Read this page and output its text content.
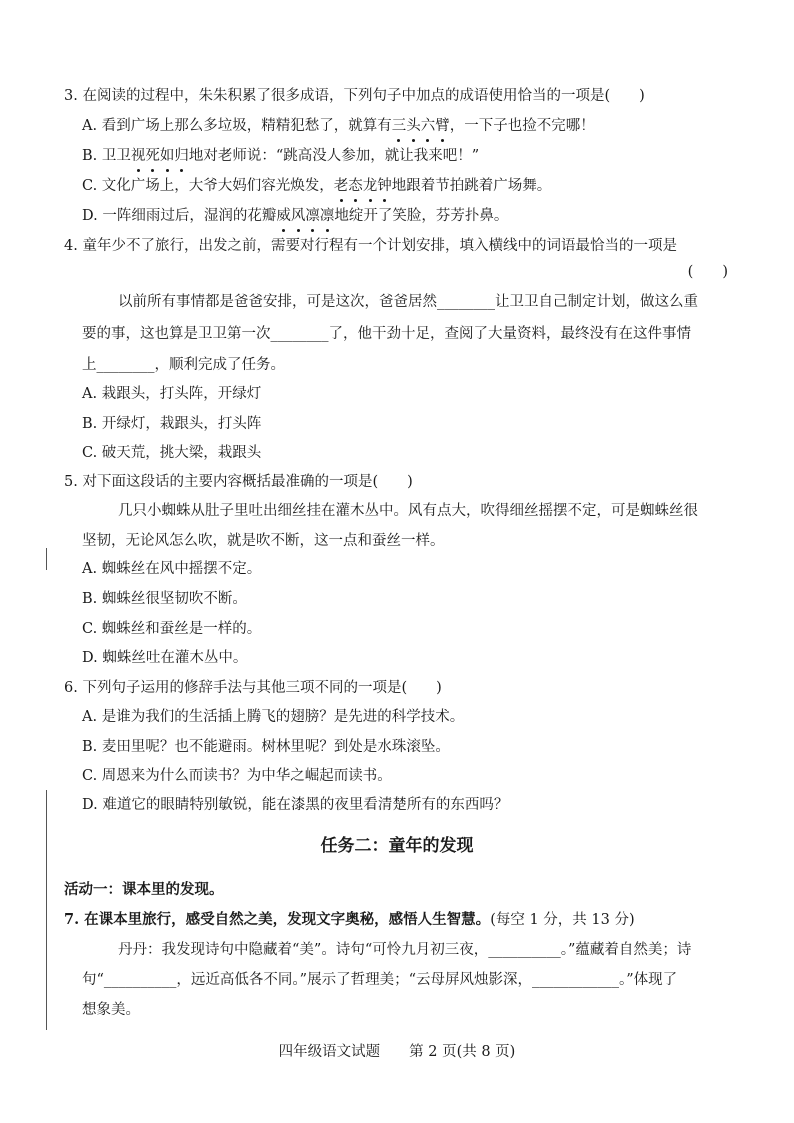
3. 在阅读的过程中，朱朱积累了很多成语，下列句子中加点的成语使用恰当的一项是(　　)
A. 看到广场上那么多垃圾，精精犯愁了，就算有三头六臂，一下子也捡不完哪！
B. 卫卫视死如归地对老师说：“跳高没人参加，就让我来吧！”
C. 文化广场上，大爷大妈们容光焕发，老态龙钟地跟着节拍跳着广场舞。
D. 一阵细雨过后，湿润的花瓣威风凛凛地绽开了笑脸，芬芳扑鼻。
4. 童年少不了旅行，出发之前，需要对行程有一个计划安排，填入横线中的词语最恰当的一项是
(　　)
以前所有事情都是爸爸安排，可是这次，爸爸居然________让卫卫自己制定计划，做这么重
要的事，这也算是卫卫第一次________了，他干劲十足，查阅了大量资料，最终没有在这件事情
上________，顺利完成了任务。
A. 栽跟头，打头阵，开绿灯
B. 开绿灯，栽跟头，打头阵
C. 破天荒，挑大梁，栽跟头
5. 对下面这段话的主要内容概括最准确的一项是(　　)
几只小蜘蛛从肚子里吐出细丝挂在灌木丛中。风有点大，吹得细丝摇摆不定，可是蜘蛛丝很
坚韧，无论风怎么吹，就是吹不断，这一点和蚕丝一样。
A. 蜘蛛丝在风中摇摆不定。
B. 蜘蛛丝很坚韧吹不断。
C. 蜘蛛丝和蚕丝是一样的。
D. 蜘蛛丝吐在灌木丛中。
6. 下列句子运用的修辞手法与其他三项不同的一项是(　　)
A. 是谁为我们的生活插上腾飞的翅膀？是先进的科学技术。
B. 麦田里呢？也不能避雨。树林里呢？到处是水珠滚坠。
C. 周恩来为什么而读书？为中华之崛起而读书。
D. 难道它的眼睛特别敏锐，能在漆黑的夜里看清楚所有的东西吗？
任务二：童年的发现
活动一：课本里的发现。
7. 在课本里旅行，感受自然之美，发现文字奥秘，感悟人生智慧。(每空 1 分，共 13 分)
丹丹：我发现诗句中隐藏着“美”。诗句“可怜九月初三夜，__________。”蕴藏着自然美；诗
句“__________，远近高低各不同。”展示了哲理美；“云母屏风烛影深，____________。”体现了
想象美。
四年级语文试题　　第 2 页(共 8 页)
